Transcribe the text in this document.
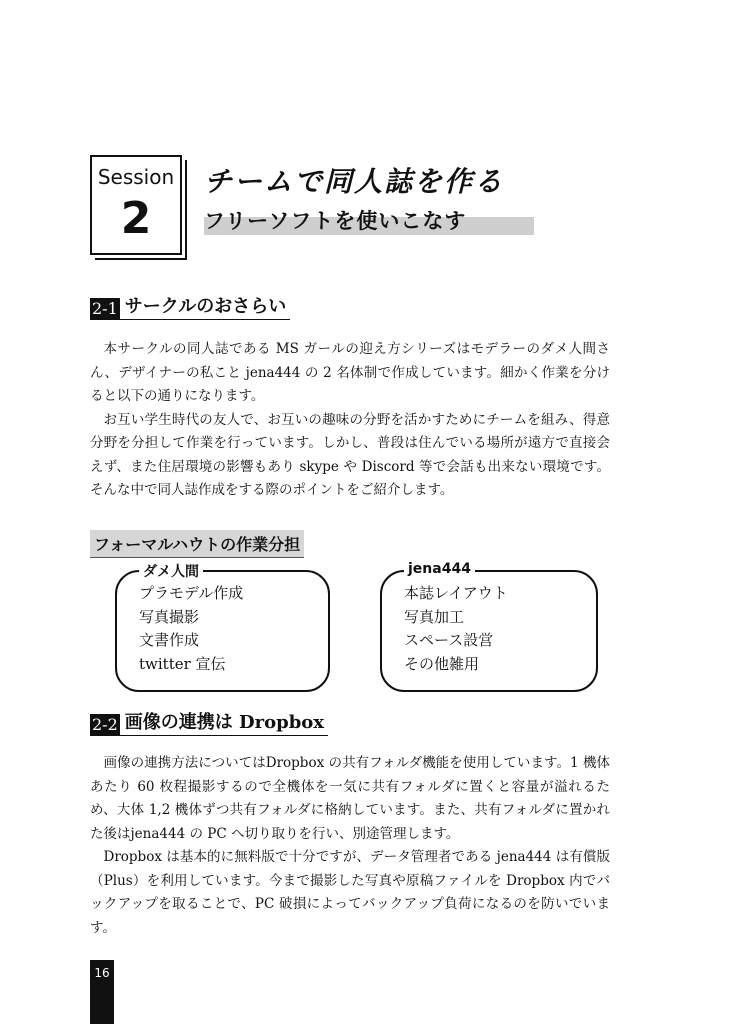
Session
2
チームで同人誌を作る
フリーソフトを使いこなす
2-1 サークルのおさらい

本サークルの同人誌である MS ガールの迎え方シリーズはモデラーのダメ人間さん、デザイナーの私こと jena444 の 2 名体制で作成しています。細かく作業を分けると以下の通りになります。

お互い学生時代の友人で、お互いの趣味の分野を活かすためにチームを組み、得意分野を分担して作業を行っています。しかし、普段は住んでいる場所が遠方で直接会えず、また住居環境の影響もあり skype や Discord 等で会話も出来ない環境です。そんな中で同人誌作成をする際のポイントをご紹介します。

フォーマルハウトの作業分担
ダメ人間
プラモデル作成
写真撮影
文書作成
twitter 宣伝
jena444
本誌レイアウト
写真加工
スペース設営
その他雑用
2-2 画像の連携は Dropbox

画像の連携方法についてはDropbox の共有フォルダ機能を使用しています。1 機体あたり 60 枚程撮影するので全機体を一気に共有フォルダに置くと容量が溢れるため、大体 1,2 機体ずつ共有フォルダに格納しています。また、共有フォルダに置かれた後はjena444 の PC へ切り取りを行い、別途管理します。

Dropbox は基本的に無料版で十分ですが、データ管理者である jena444 は有償版（Plus）を利用しています。今まで撮影した写真や原稿ファイルを Dropbox 内でバックアップを取ることで、PC 破損によってバックアップ負荷になるのを防いでいます。

16
